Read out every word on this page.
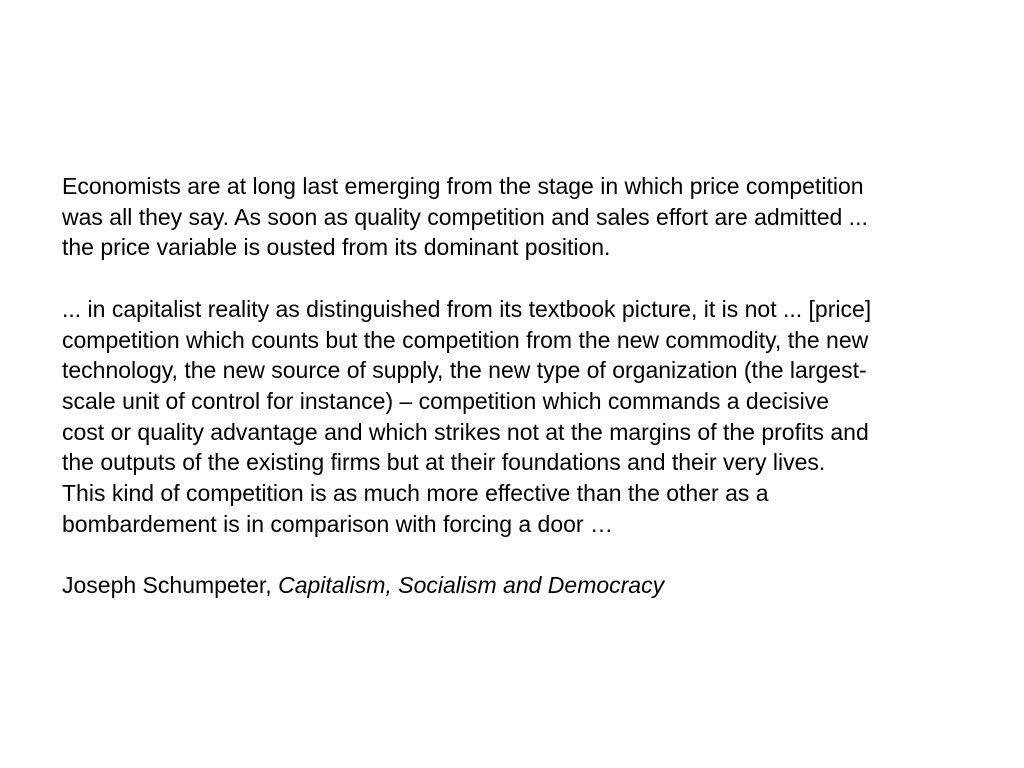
Economists are at long last emerging from the stage in which price competition
was all they say. As soon as quality competition and sales effort are admitted ...
the price variable is ousted from its dominant position.

... in capitalist reality as distinguished from its textbook picture, it is not ... [price]
competition which counts but the competition from the new commodity, the new
technology, the new source of supply, the new type of organization (the largest-
scale unit of control for instance) – competition which commands a decisive
cost or quality advantage and which strikes not at the margins of the profits and
the outputs of the existing firms but at their foundations and their very lives.
This kind of competition is as much more effective than the other as a
bombardement is in comparison with forcing a door …

Joseph Schumpeter, Capitalism, Socialism and Democracy
